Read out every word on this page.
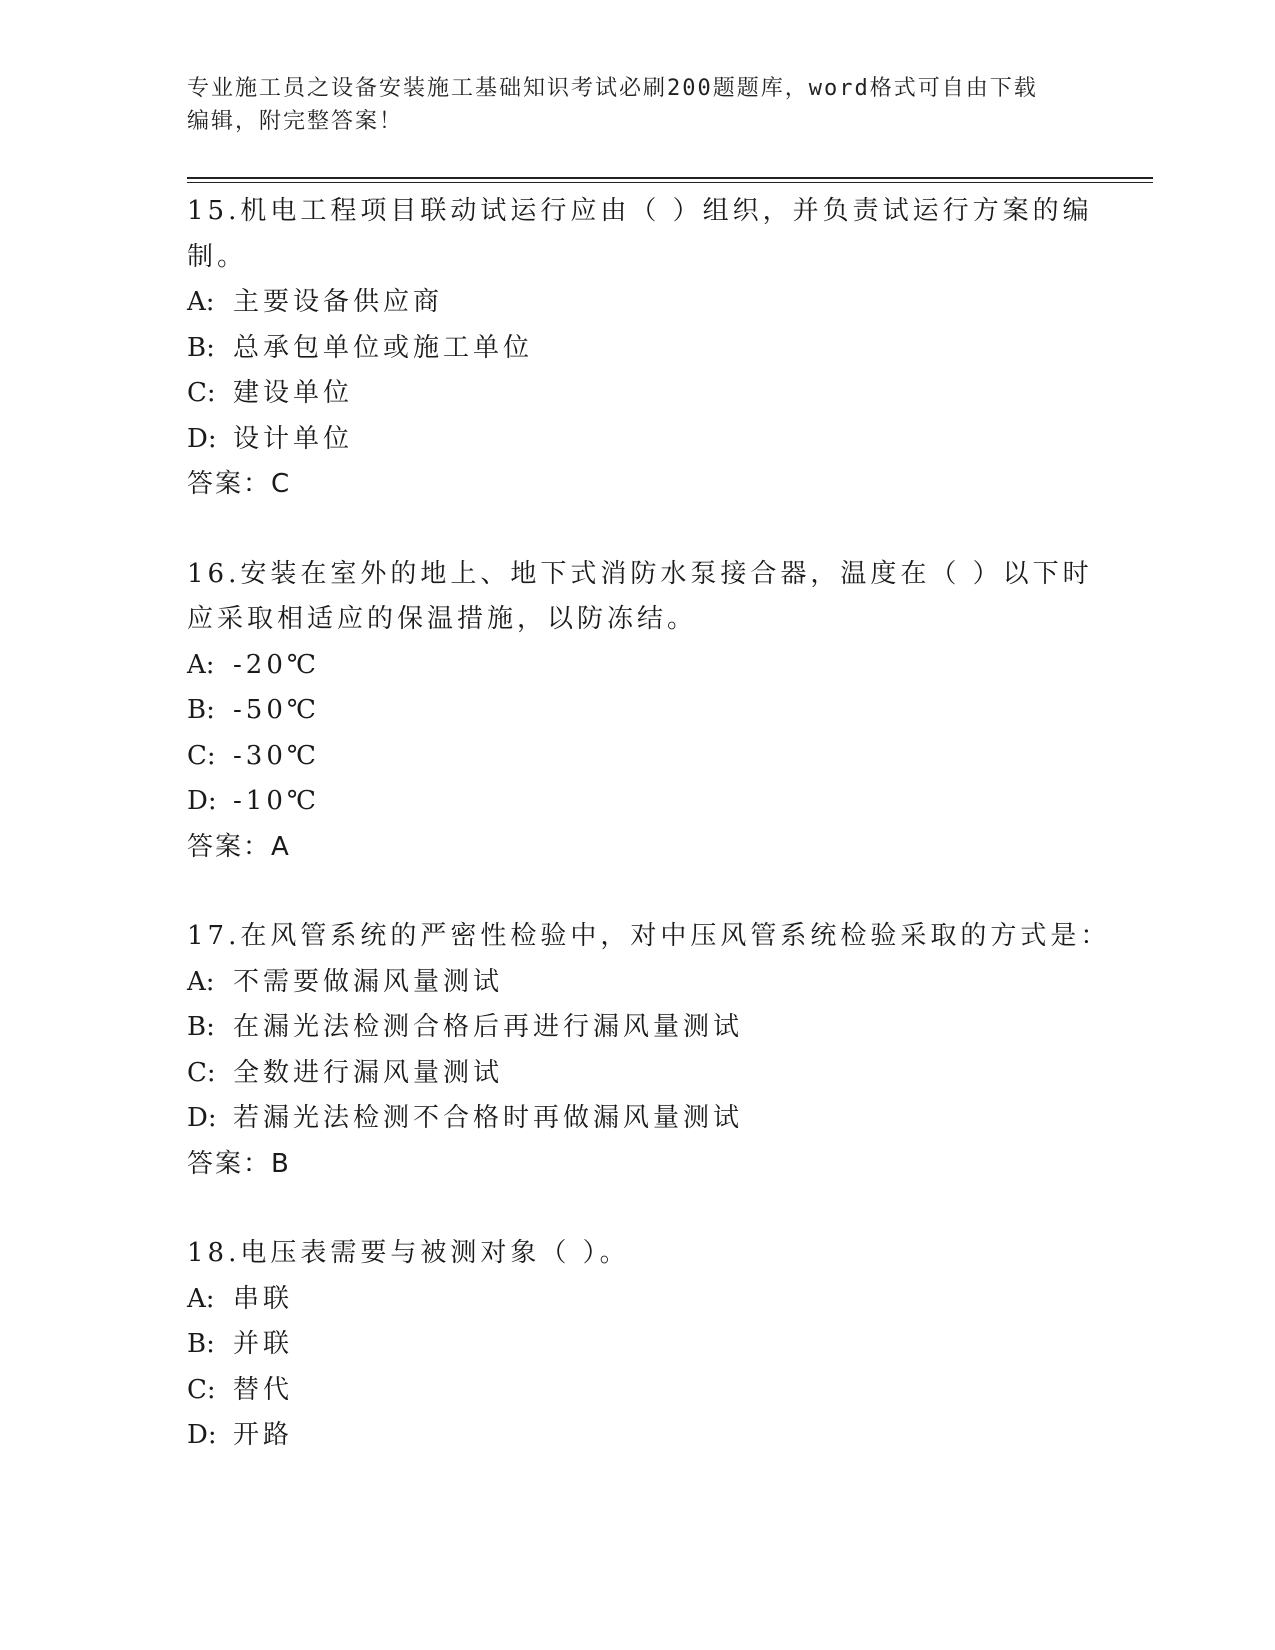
专业施工员之设备安装施工基础知识考试必刷200题题库，word格式可自由下载
编辑，附完整答案！
15.机电工程项目联动试运行应由（ ）组织，并负责试运行方案的编
制。
A: 主要设备供应商
B: 总承包单位或施工单位
C: 建设单位
D: 设计单位
答案：C
16.安装在室外的地上、地下式消防水泵接合器，温度在（ ）以下时
应采取相适应的保温措施，以防冻结。
A: -20℃
B: -50℃
C: -30℃
D: -10℃
答案：A
17.在风管系统的严密性检验中，对中压风管系统检验采取的方式是：
A: 不需要做漏风量测试
B: 在漏光法检测合格后再进行漏风量测试
C: 全数进行漏风量测试
D: 若漏光法检测不合格时再做漏风量测试
答案：B
18.电压表需要与被测对象（ ）。
A: 串联
B: 并联
C: 替代
D: 开路
